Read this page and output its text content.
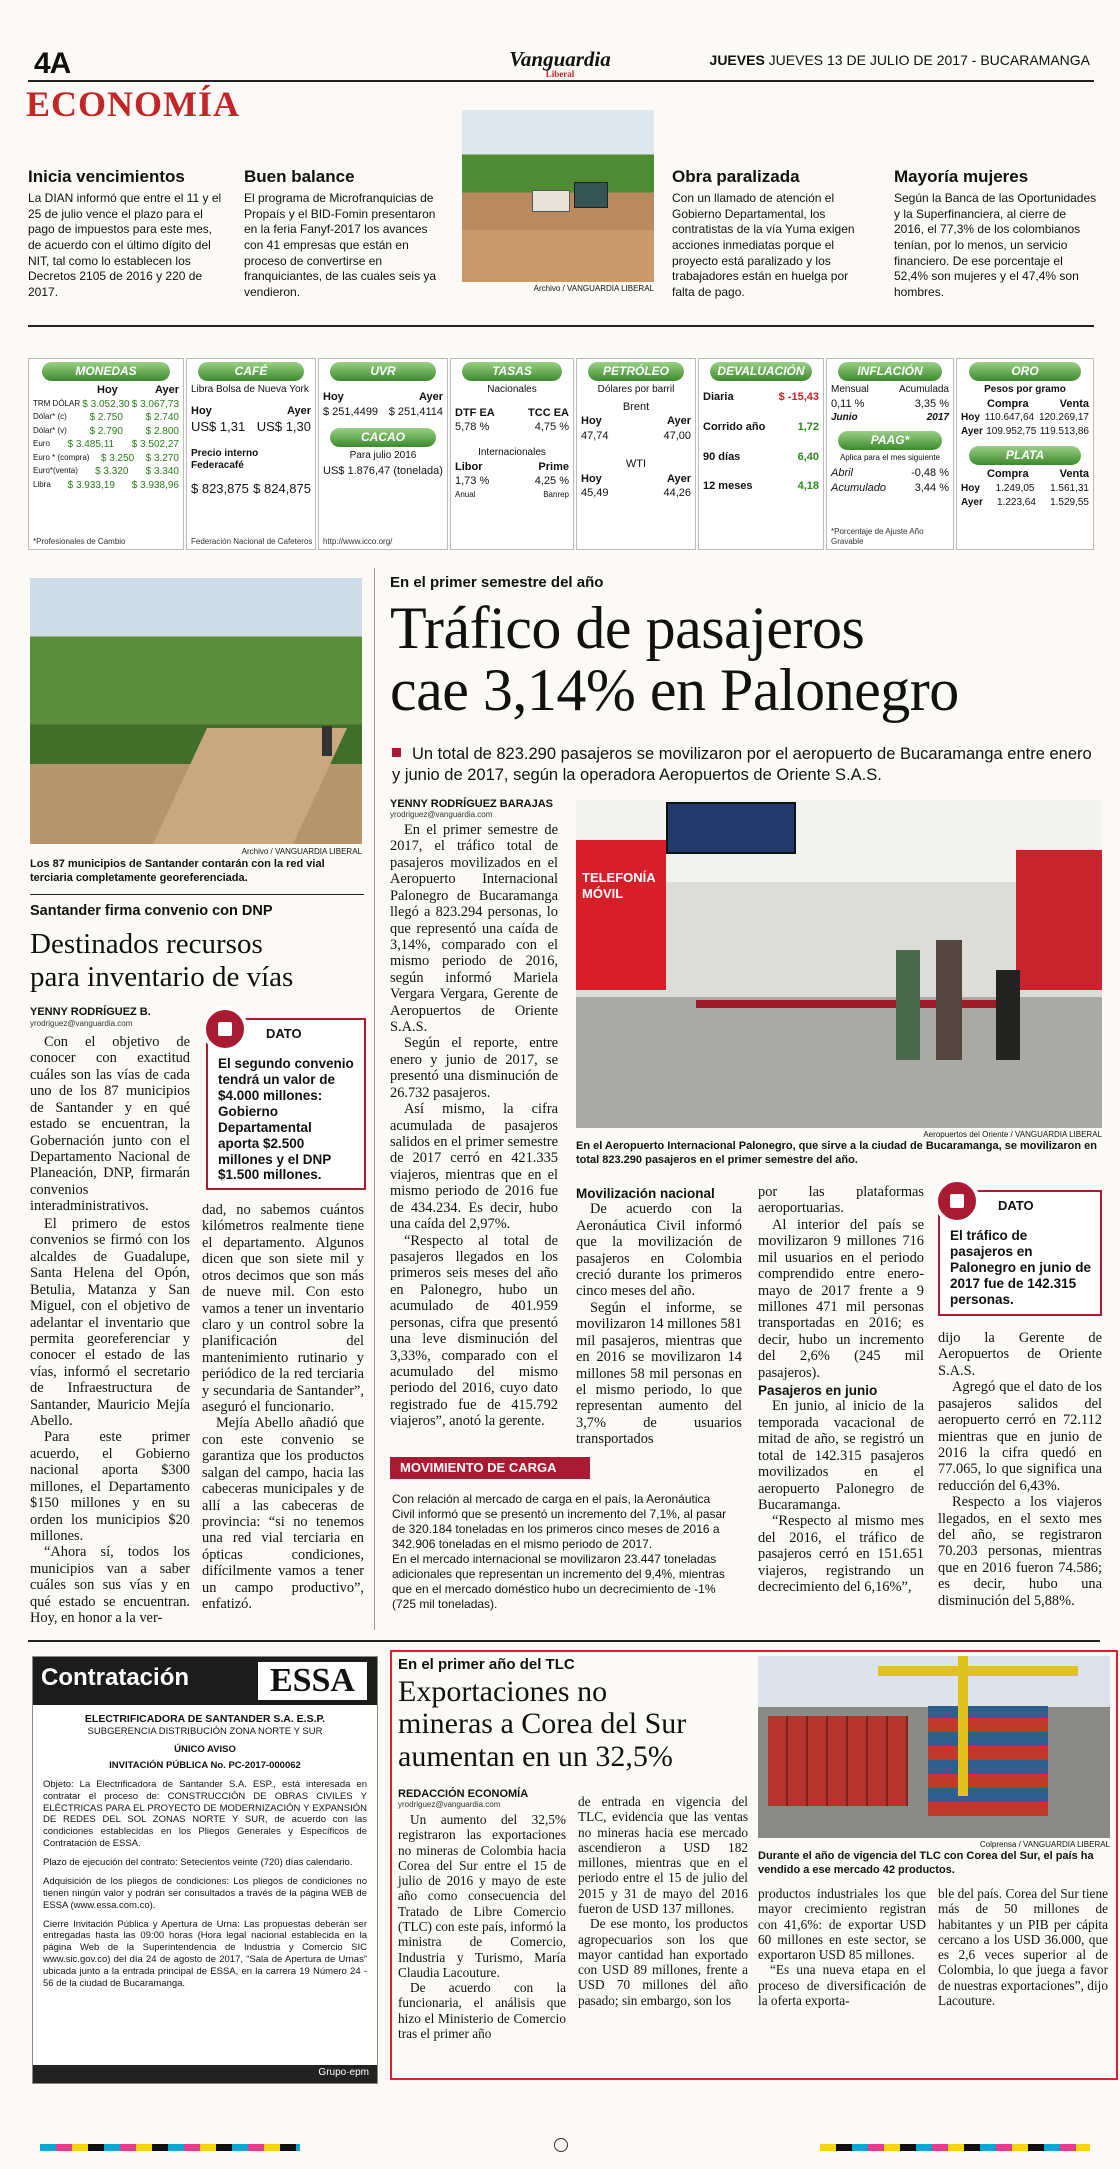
4A	Vanguardia
Liberal
JUEVES JUEVES 13 DE JULIO DE 2017 - BUCARAMANGA
ECONOMÍA
Inicia vencimientos

La DIAN informó que entre el 11 y el 25 de julio vence el plazo para el pago de impuestos para este mes, de acuerdo con el último dígito del NIT, tal como lo establecen los Decretos 2105 de 2016 y 220 de 2017.

Buen balance

El programa de Microfranquicias de Propaís y el BID-Fomin presentaron en la feria Fanyf-2017 los avances con 41 empresas que están en proceso de convertirse en franquiciantes, de las cuales seis ya vendieron.	Archivo / VANGUARDIA LIBERAL
Obra paralizada

Con un llamado de atención el Gobierno Departamental, los contratistas de la vía Yuma exigen acciones inmediatas porque el proyecto está paralizado y los trabajadores están en huelga por falta de pago.

Mayoría mujeres

Según la Banca de las Oportunidades y la Superfinanciera, al cierre de 2016, el 77,3% de los colombianos tenían, por lo menos, un servicio financiero. De ese porcentaje el 52,4% son mujeres y el 47,4% son hombres.

MONEDAS
Hoy	Ayer
TRM DÓLAR $ 3.052,30 $ 3.067,73
Dólar* (c) $ 2.750 $ 2.740
Dólar* (v) $ 2.790 $ 2.800
Euro $ 3.485,11 $ 3.502,27
Euro * (compra) $ 3.250 $ 3.270
Euro*(venta) $ 3.320 $ 3.340
Libra $ 3.933,19 $ 3.938,96
*Profesionales de Cambio
CAFÉ
Libra Bolsa de Nueva York
Hoy	Ayer
US$ 1,31 US$ 1,30
Precio interno Federacafé
$ 823,875 $ 824,875
Federación Nacional de Cafeteros
UVR
Hoy	Ayer
$ 251,4499 $ 251,4114
CACAO
Para julio 2016
US$ 1.876,47 (tonelada)
http://www.icco.org/
TASAS
Nacionales
DTF EA	TCC EA
5,78 %	4,75 %
Internacionales
Libor	Prime
1,73 %	4,25 %
Anual	Banrep
PETRÓLEO
Dólares por barril
Brent
Hoy	Ayer
47,74	47,00
WTI
Hoy	Ayer
45,49	44,26
DEVALUACIÓN
Diaria	$ -15,43
Corrido año	1,72
90 días	6,40
12 meses	4,18
INFLACIÓN
Mensual	Acumulada
0,11 %	3,35 %
Junio	2017
PAAG*
Aplica para el mes siguiente
Abril	-0,48 %
Acumulado	3,44 %
*Porcentaje de Ajuste Año Gravable
ORO
Pesos por gramo
Compra	Venta
Hoy 110.647,64 120.269,17
Ayer 109.952,75 119.513,86
PLATA
Compra	Venta
Hoy 1.249,05 1.561,31
Ayer 1.223,64 1.529,55
Archivo / VANGUARDIA LIBERAL
Los 87 municipios de Santander contarán con la red vial terciaria completamente georeferenciada.
Santander firma convenio con DNP
Destinados recursos
para inventario de vías
YENNY RODRÍGUEZ B.
yrodriguez@vanguardia.com
DATO
El segundo convenio tendrá un valor de $4.000 millones: Gobierno Departamental aporta $2.500 millones y el DNP $1.500 millones.

Con el objetivo de conocer con exactitud cuáles son las vías de cada uno de los 87 municipios de Santander y en qué estado se encuentran, la Gobernación junto con el Departamento Nacional de Planeación, DNP, firmarán convenios interadministrativos.

El primero de estos convenios se firmó con los alcaldes de Guadalupe, Santa Helena del Opón, Betulia, Matanza y San Miguel, con el objetivo de adelantar el inventario que permita georeferenciar y conocer el estado de las vías, informó el secretario de Infraestructura de Santander, Mauricio Mejía Abello.

Para este primer acuerdo, el Gobierno nacional aporta $300 millones, el Departamento $150 millones y en su orden los municipios $20 millones.

“Ahora sí, todos los municipios van a saber cuáles son sus vías y en qué estado se encuentran. Hoy, en honor a la ver-

dad, no sabemos cuántos kilómetros realmente tiene el departamento. Algunos dicen que son siete mil y otros decimos que son más de nueve mil. Con esto vamos a tener un inventario claro y un control sobre la planificación del mantenimiento rutinario y periódico de la red terciaria y secundaria de Santander”, aseguró el funcionario.

Mejía Abello añadió que con este convenio se garantiza que los productos salgan del campo, hacia las cabeceras municipales y de allí a las cabeceras de provincia: “si no tenemos una red vial terciaria en ópticas condiciones, difícilmente vamos a tener un campo productivo”, enfatizó.

En el primer semestre del año
Tráfico de pasajeros
cae 3,14% en Palonegro
Un total de 823.290 pasajeros se movilizaron por el aeropuerto de Bucaramanga entre enero y junio de 2017, según la operadora Aeropuertos de Oriente S.A.S.
YENNY RODRÍGUEZ BARAJAS
yrodriguez@vanguardia.com

En el primer semestre de 2017, el tráfico total de pasajeros movilizados en el Aeropuerto Internacional Palonegro de Bucaramanga llegó a 823.294 personas, lo que representó una caída de 3,14%, comparado con el mismo periodo de 2016, según informó Mariela Vergara Vergara, Gerente de Aeropuertos de Oriente S.A.S.

Según el reporte, entre enero y junio de 2017, se presentó una disminución de 26.732 pasajeros.

Así mismo, la cifra acumulada de pasajeros salidos en el primer semestre de 2017 cerró en 421.335 viajeros, mientras que en el mismo periodo de 2016 fue de 434.234. Es decir, hubo una caída del 2,97%.

“Respecto al total de pasajeros llegados en los primeros seis meses del año en Palonegro, hubo un acumulado de 401.959 personas, cifra que presentó una leve disminución del 3,33%, comparado con el acumulado del mismo periodo del 2016, cuyo dato registrado fue de 415.792 viajeros”, anotó la gerente.

TELEFONÍA MÓVIL
Aeropuertos del Oriente / VANGUARDIA LIBERAL
En el Aeropuerto Internacional Palonegro, que sirve a la ciudad de Bucaramanga, se movilizaron en total 823.290 pasajeros en el primer semestre del año.
Movilización nacional

De acuerdo con la Aeronáutica Civil informó que la movilización de pasajeros en Colombia creció durante los primeros cinco meses del año.

Según el informe, se movilizaron 14 millones 581 mil pasajeros, mientras que en 2016 se movilizaron 14 millones 58 mil personas en el mismo periodo, lo que representan aumento del 3,7% de usuarios transportados

por las plataformas aeroportuarias.

Al interior del país se movilizaron 9 millones 716 mil usuarios en el periodo comprendido entre enero-mayo de 2017 frente a 9 millones 471 mil personas transportadas en 2016; es decir, hubo un incremento del 2,6% (245 mil pasajeros).

Pasajeros en junio

En junio, al inicio de la temporada vacacional de mitad de año, se registró un total de 142.315 pasajeros movilizados en el aeropuerto Palonegro de Bucaramanga.

“Respecto al mismo mes del 2016, el tráfico de pasajeros cerró en 151.651 viajeros, registrando un decrecimiento del 6,16%”,

DATO
El tráfico de pasajeros en Palonegro en junio de 2017 fue de 142.315 personas.

dijo la Gerente de Aeropuertos de Oriente S.A.S.

Agregó que el dato de los pasajeros salidos del aeropuerto cerró en 72.112 mientras que en junio de 2016 la cifra quedó en 77.065, lo que significa una reducción del 6,43%.

Respecto a los viajeros llegados, en el sexto mes del año, se registraron 70.203 personas, mientras que en 2016 fueron 74.586; es decir, hubo una disminución del 5,88%.

MOVIMIENTO DE CARGA
Con relación al mercado de carga en el país, la Aeronáutica Civil informó que se presentó un incremento del 7,1%, al pasar de 320.184 toneladas en los primeros cinco meses de 2016 a 342.906 toneladas en el mismo periodo de 2017.
En el mercado internacional se movilizaron 23.447 toneladas adicionales que representan un incremento del 9,4%, mientras que en el mercado doméstico hubo un decrecimiento de -1% (725 mil toneladas).
Contratación	ESSA
ELECTRIFICADORA DE SANTANDER S.A. E.S.P.
SUBGERENCIA DISTRIBUCIÓN ZONA NORTE Y SUR
ÚNICO AVISO
INVITACIÓN PÚBLICA No. PC-2017-000062

Objeto: La Electrificadora de Santander S.A. ESP., está interesada en contratar el proceso de: CONSTRUCCIÓN DE OBRAS CIVILES Y ELÉCTRICAS PARA EL PROYECTO DE MODERNIZACIÓN Y EXPANSIÓN DE REDES DEL SOL ZONAS NORTE Y SUR, de acuerdo con las condiciones establecidas en los Pliegos Generales y Específicos de Contratación de ESSA.

Plazo de ejecución del contrato: Setecientos veinte (720) días calendario.

Adquisición de los pliegos de condiciones: Los pliegos de condiciones no tienen ningún valor y podrán ser consultados a través de la página WEB de ESSA (www.essa.com.co).

Cierre Invitación Pública y Apertura de Urna: Las propuestas deberán ser entregadas hasta las 09:00 horas (Hora legal nacional establecida en la página Web de la Superintendencia de Industria y Comercio SIC www.sic.gov.co) del día 24 de agosto de 2017, “Sala de Apertura de Urnas” ubicada junto a la entrada principal de ESSA, en la carrera 19 Número 24 - 56 de la ciudad de Bucaramanga.

Grupo·epm
En el primer año del TLC
Exportaciones no
mineras a Corea del Sur
aumentan en un 32,5%
Colprensa / VANGUARDIA LIBERAL
Durante el año de vigencia del TLC con Corea del Sur, el país ha vendido a ese mercado 42 productos.
REDACCIÓN ECONOMÍA
yrodriguez@vanguardia.com

Un aumento del 32,5% registraron las exportaciones no mineras de Colombia hacia Corea del Sur entre el 15 de julio de 2016 y mayo de este año como consecuencia del Tratado de Libre Comercio (TLC) con este país, informó la ministra de Comercio, Industria y Turismo, María Claudia Lacouture.

De acuerdo con la funcionaria, el análisis que hizo el Ministerio de Comercio tras el primer año

de entrada en vigencia del TLC, evidencia que las ventas no mineras hacia ese mercado ascendieron a USD 182 millones, mientras que en el periodo entre el 15 de julio del 2015 y 31 de mayo del 2016 fueron de USD 137 millones.

De ese monto, los productos agropecuarios son los que mayor cantidad han exportado con USD 89 millones, frente a USD 70 millones del año pasado; sin embargo, son los

productos industriales los que mayor crecimiento registran con 41,6%: de exportar USD 60 millones en este sector, se exportaron USD 85 millones.

“Es una nueva etapa en el proceso de diversificación de la oferta exporta-

ble del país. Corea del Sur tiene más de 50 millones de habitantes y un PIB per cápita cercano a los USD 36.000, que es 2,6 veces superior al de Colombia, lo que juega a favor de nuestras exportaciones”, dijo Lacouture.
